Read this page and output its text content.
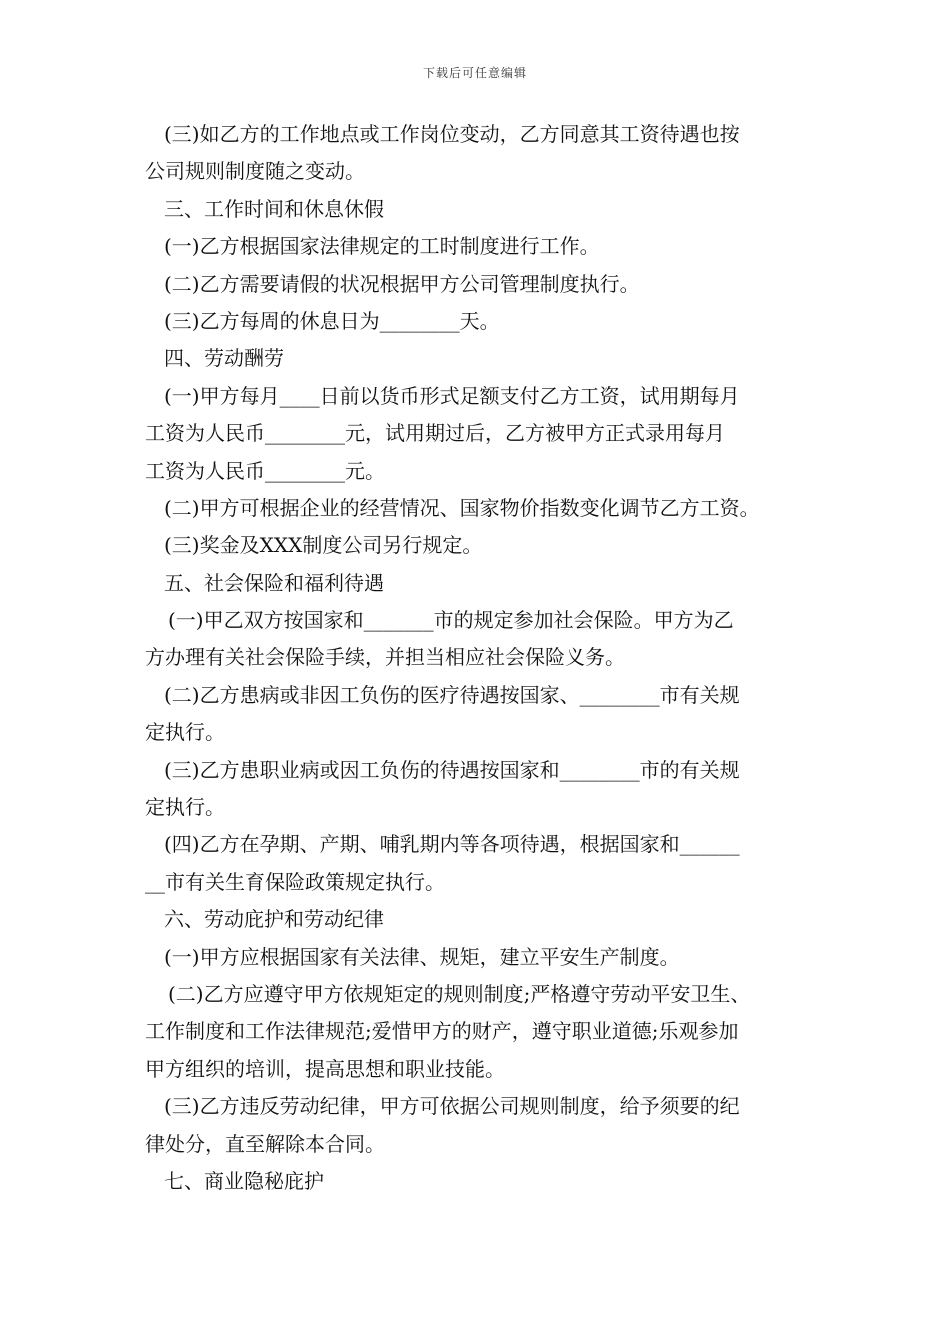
下载后可任意编辑
(三)如乙方的工作地点或工作岗位变动，乙方同意其工资待遇也按
公司规则制度随之变动。
三、工作时间和休息休假
(一)乙方根据国家法律规定的工时制度进行工作。
(二)乙方需要请假的状况根据甲方公司管理制度执行。
(三)乙方每周的休息日为________天。
四、劳动酬劳
(一)甲方每月____日前以货币形式足额支付乙方工资，试用期每月
工资为人民币________元，试用期过后，乙方被甲方正式录用每月
工资为人民币________元。
(二)甲方可根据企业的经营情况、国家物价指数变化调节乙方工资。
(三)奖金及XXX制度公司另行规定。
五、社会保险和福利待遇
(一)甲乙双方按国家和_______市的规定参加社会保险。甲方为乙
方办理有关社会保险手续，并担当相应社会保险义务。
(二)乙方患病或非因工负伤的医疗待遇按国家、________市有关规
定执行。
(三)乙方患职业病或因工负伤的待遇按国家和________市的有关规
定执行。
(四)乙方在孕期、产期、哺乳期内等各项待遇，根据国家和______
__市有关生育保险政策规定执行。
六、劳动庇护和劳动纪律
(一)甲方应根据国家有关法律、规矩，建立平安生产制度。
(二)乙方应遵守甲方依规矩定的规则制度;严格遵守劳动平安卫生、
工作制度和工作法律规范;爱惜甲方的财产，遵守职业道德;乐观参加
甲方组织的培训，提高思想和职业技能。
(三)乙方违反劳动纪律，甲方可依据公司规则制度，给予须要的纪
律处分，直至解除本合同。
七、商业隐秘庇护
